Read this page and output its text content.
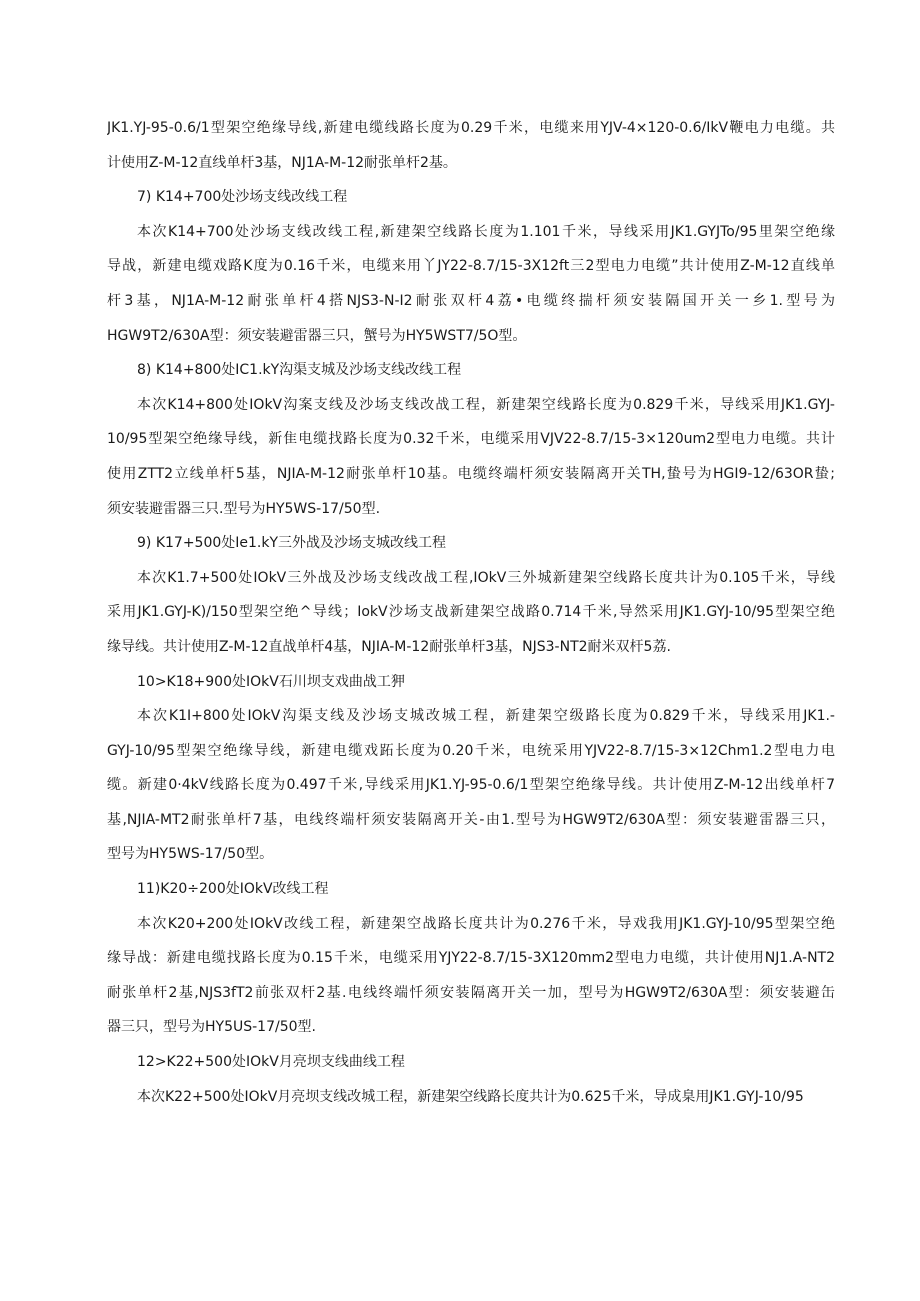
JK1.YJ-95-0.6/1型架空绝缘导线,新建电缆线路长度为0.29千米，电缆来用YJV-4×120-0.6/IkV鞭电力电缆。共
计使用Z-M-12直线单杆3基，NJ1A-M-12耐张单杆2基。
7) K14+700处沙场支线改线工程
本次K14+700处沙场支线改线工程,新建架空线路长度为1.101千米，导线采用JK1.GYJTo/95里架空绝缘
导战，新建电缆戏路K度为0.16千米，电缆来用丫JY22-8.7/15-3X12ft三2型电力电缆”共计使用Z-M-12直线单
杆3基，NJ1A-M-12耐张单杆4搭NJS3-N-I2耐张双杆4荔•电缆终揣杆须安装隔国开关一乡1.型号为
HGW9T2/630A型：须安装避雷器三只，蟹号为HY5WST7/5O型。
8) K14+800处IC1.kY沟渠支城及沙场支线改线工程
本次K14+800处IOkV沟案支线及沙场支线改战工程，新建架空线路长度为0.829千米，导线采用JK1.GYJ-
10/95型架空绝缘导线，新隹电缆找路长度为0.32千米，电缆采用VJV22-8.7/15-3×120um2型电力电缆。共计
使用ZTT2立线单杆5基，NJIA-M-12耐张单杆10基。电缆终端杆须安装隔离开关TH,蛰号为HGI9-12/63OR蛰;
须安装避雷器三只.型号为HY5WS-17/50型.
9) K17+500处Ie1.kY三外战及沙场支城改线工程
本次K1.7+500处IOkV三外战及沙场支线改战工程,IOkV三外城新建架空线路长度共计为0.105千米，导线
采用JK1.GYJ-K)/150型架空绝^导线；IokV沙场支战新建架空战路0.714千米,导然采用JK1.GYJ-10/95型架空绝
缘导线。共计使用Z-M-12直战单杆4基，NJIA-M-12耐张单杆3基，NJS3-NT2耐米双杆5荔.
10>K18+900处IOkV石川坝支戏曲战工狎
本次K1I+800处IOkV沟渠支线及沙场支城改城工程，新建架空级路长度为0.829千米，导线采用JK1.-
GYJ-10/95型架空绝缘导线，新建电缆戏跖长度为0.20千米，电统采用YJV22-8.7/15-3×12Chm1.2型电力电
缆。新建0·4kV线路长度为0.497千米,导线采用JK1.YJ-95-0.6/1型架空绝缘导线。共计使用Z-M-12出线单杆7
基,NJIA-MT2耐张单杆7基，电线终端杆须安装隔离开关-由1.型号为HGW9T2/630A型：须安装避雷器三只，
型号为HY5WS-17/50型。
11)K20÷200处IOkV改线工程
本次K20+200处IOkV改线工程，新建架空战路长度共计为0.276千米，导戏我用JK1.GYJ-10/95型架空绝
缘导战：新建电缆找路长度为0.15千米，电缆采用YJY22-8.7/15-3X120mm2型电力电缆，共计使用NJ1.A-NT2
耐张单杆2基,NJS3fT2前张双杆2基.电线终端忏须安装隔离开关一加，型号为HGW9T2/630A型：须安装避缶
器三只，型号为HY5US-17/50型.
12>K22+500处IOkV月亮坝支线曲线工程
本次K22+500处IOkV月亮坝支线改城工程，新建架空线路长度共计为0.625千米，导成臬用JK1.GYJ-10/95
